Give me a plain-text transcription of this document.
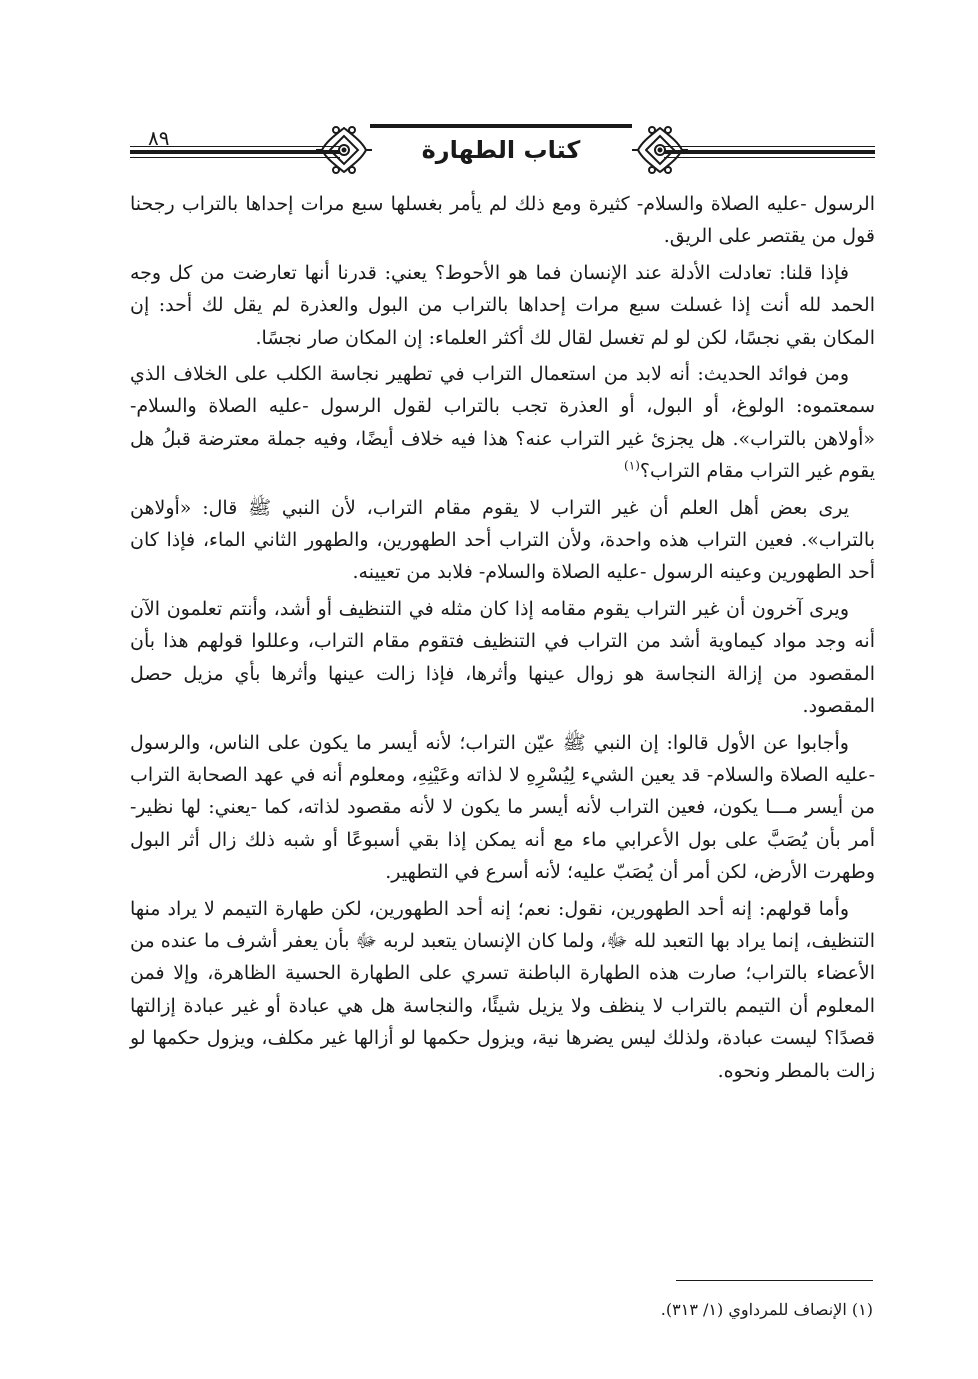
٨٩	كتاب الطهارة

الرسول -عليه الصلاة والسلام- كثيرة ومع ذلك لم يأمر بغسلها سبع مرات إحداها بالتراب رجحنا قول من يقتصر على الريق.

فإذا قلنا: تعادلت الأدلة عند الإنسان فما هو الأحوط؟ يعني: قدرنا أنها تعارضت من كل وجه الحمد لله أنت إذا غسلت سبع مرات إحداها بالتراب من البول والعذرة لم يقل لك أحد: إن المكان بقي نجسًا، لكن لو لم تغسل لقال لك أكثر العلماء: إن المكان صار نجسًا.

ومن فوائد الحديث: أنه لابد من استعمال التراب في تطهير نجاسة الكلب على الخلاف الذي سمعتموه: الولوغ، أو البول، أو العذرة تجب بالتراب لقول الرسول -عليه الصلاة والسلام- «أولاهن بالتراب». هل يجزئ غير التراب عنه؟ هذا فيه خلاف أيضًا، وفيه جملة معترضة قبلُ هل يقوم غير التراب مقام التراب؟$^{(١)}$

يرى بعض أهل العلم أن غير التراب لا يقوم مقام التراب، لأن النبي ﷺ قال: «أولاهن بالتراب». فعين التراب هذه واحدة، ولأن التراب أحد الطهورين، والطهور الثاني الماء، فإذا كان أحد الطهورين وعينه الرسول -عليه الصلاة والسلام- فلابد من تعيينه.

ويرى آخرون أن غير التراب يقوم مقامه إذا كان مثله في التنظيف أو أشد، وأنتم تعلمون الآن أنه وجد مواد كيماوية أشد من التراب في التنظيف فتقوم مقام التراب، وعللوا قولهم هذا بأن المقصود من إزالة النجاسة هو زوال عينها وأثرها، فإذا زالت عينها وأثرها بأي مزيل حصل المقصود.

وأجابوا عن الأول قالوا: إن النبي ﷺ عيّن التراب؛ لأنه أيسر ما يكون على الناس، والرسول -عليه الصلاة والسلام- قد يعين الشيء لِيُسْرِهِ لا لذاته وعَيْنِهِ، ومعلوم أنه في عهد الصحابة التراب من أيسر مـــا يكون، فعين التراب لأنه أيسر ما يكون لا لأنه مقصود لذاته، كما -يعني: لها نظير- أمر بأن يُصَبَّ على بول الأعرابي ماء مع أنه يمكن إذا بقي أسبوعًا أو شبه ذلك زال أثر البول وطهرت الأرض، لكن أمر أن يُصَبّ عليه؛ لأنه أسرع في التطهير.

وأما قولهم: إنه أحد الطهورين، نقول: نعم؛ إنه أحد الطهورين، لكن طهارة التيمم لا يراد منها التنظيف، إنما يراد بها التعبد لله ﷻ، ولما كان الإنسان يتعبد لربه ﷻ بأن يعفر أشرف ما عنده من الأعضاء بالتراب؛ صارت هذه الطهارة الباطنة تسري على الطهارة الحسية الظاهرة، وإلا فمن المعلوم أن التيمم بالتراب لا ينظف ولا يزيل شيئًا، والنجاسة هل هي عبادة أو غير عبادة إزالتها قصدًا؟ ليست عبادة، ولذلك ليس يضرها نية، ويزول حكمها لو أزالها غير مكلف، ويزول حكمها لو زالت بالمطر ونحوه.

(١) الإنصاف للمرداوي (١/ ٣١٣).
